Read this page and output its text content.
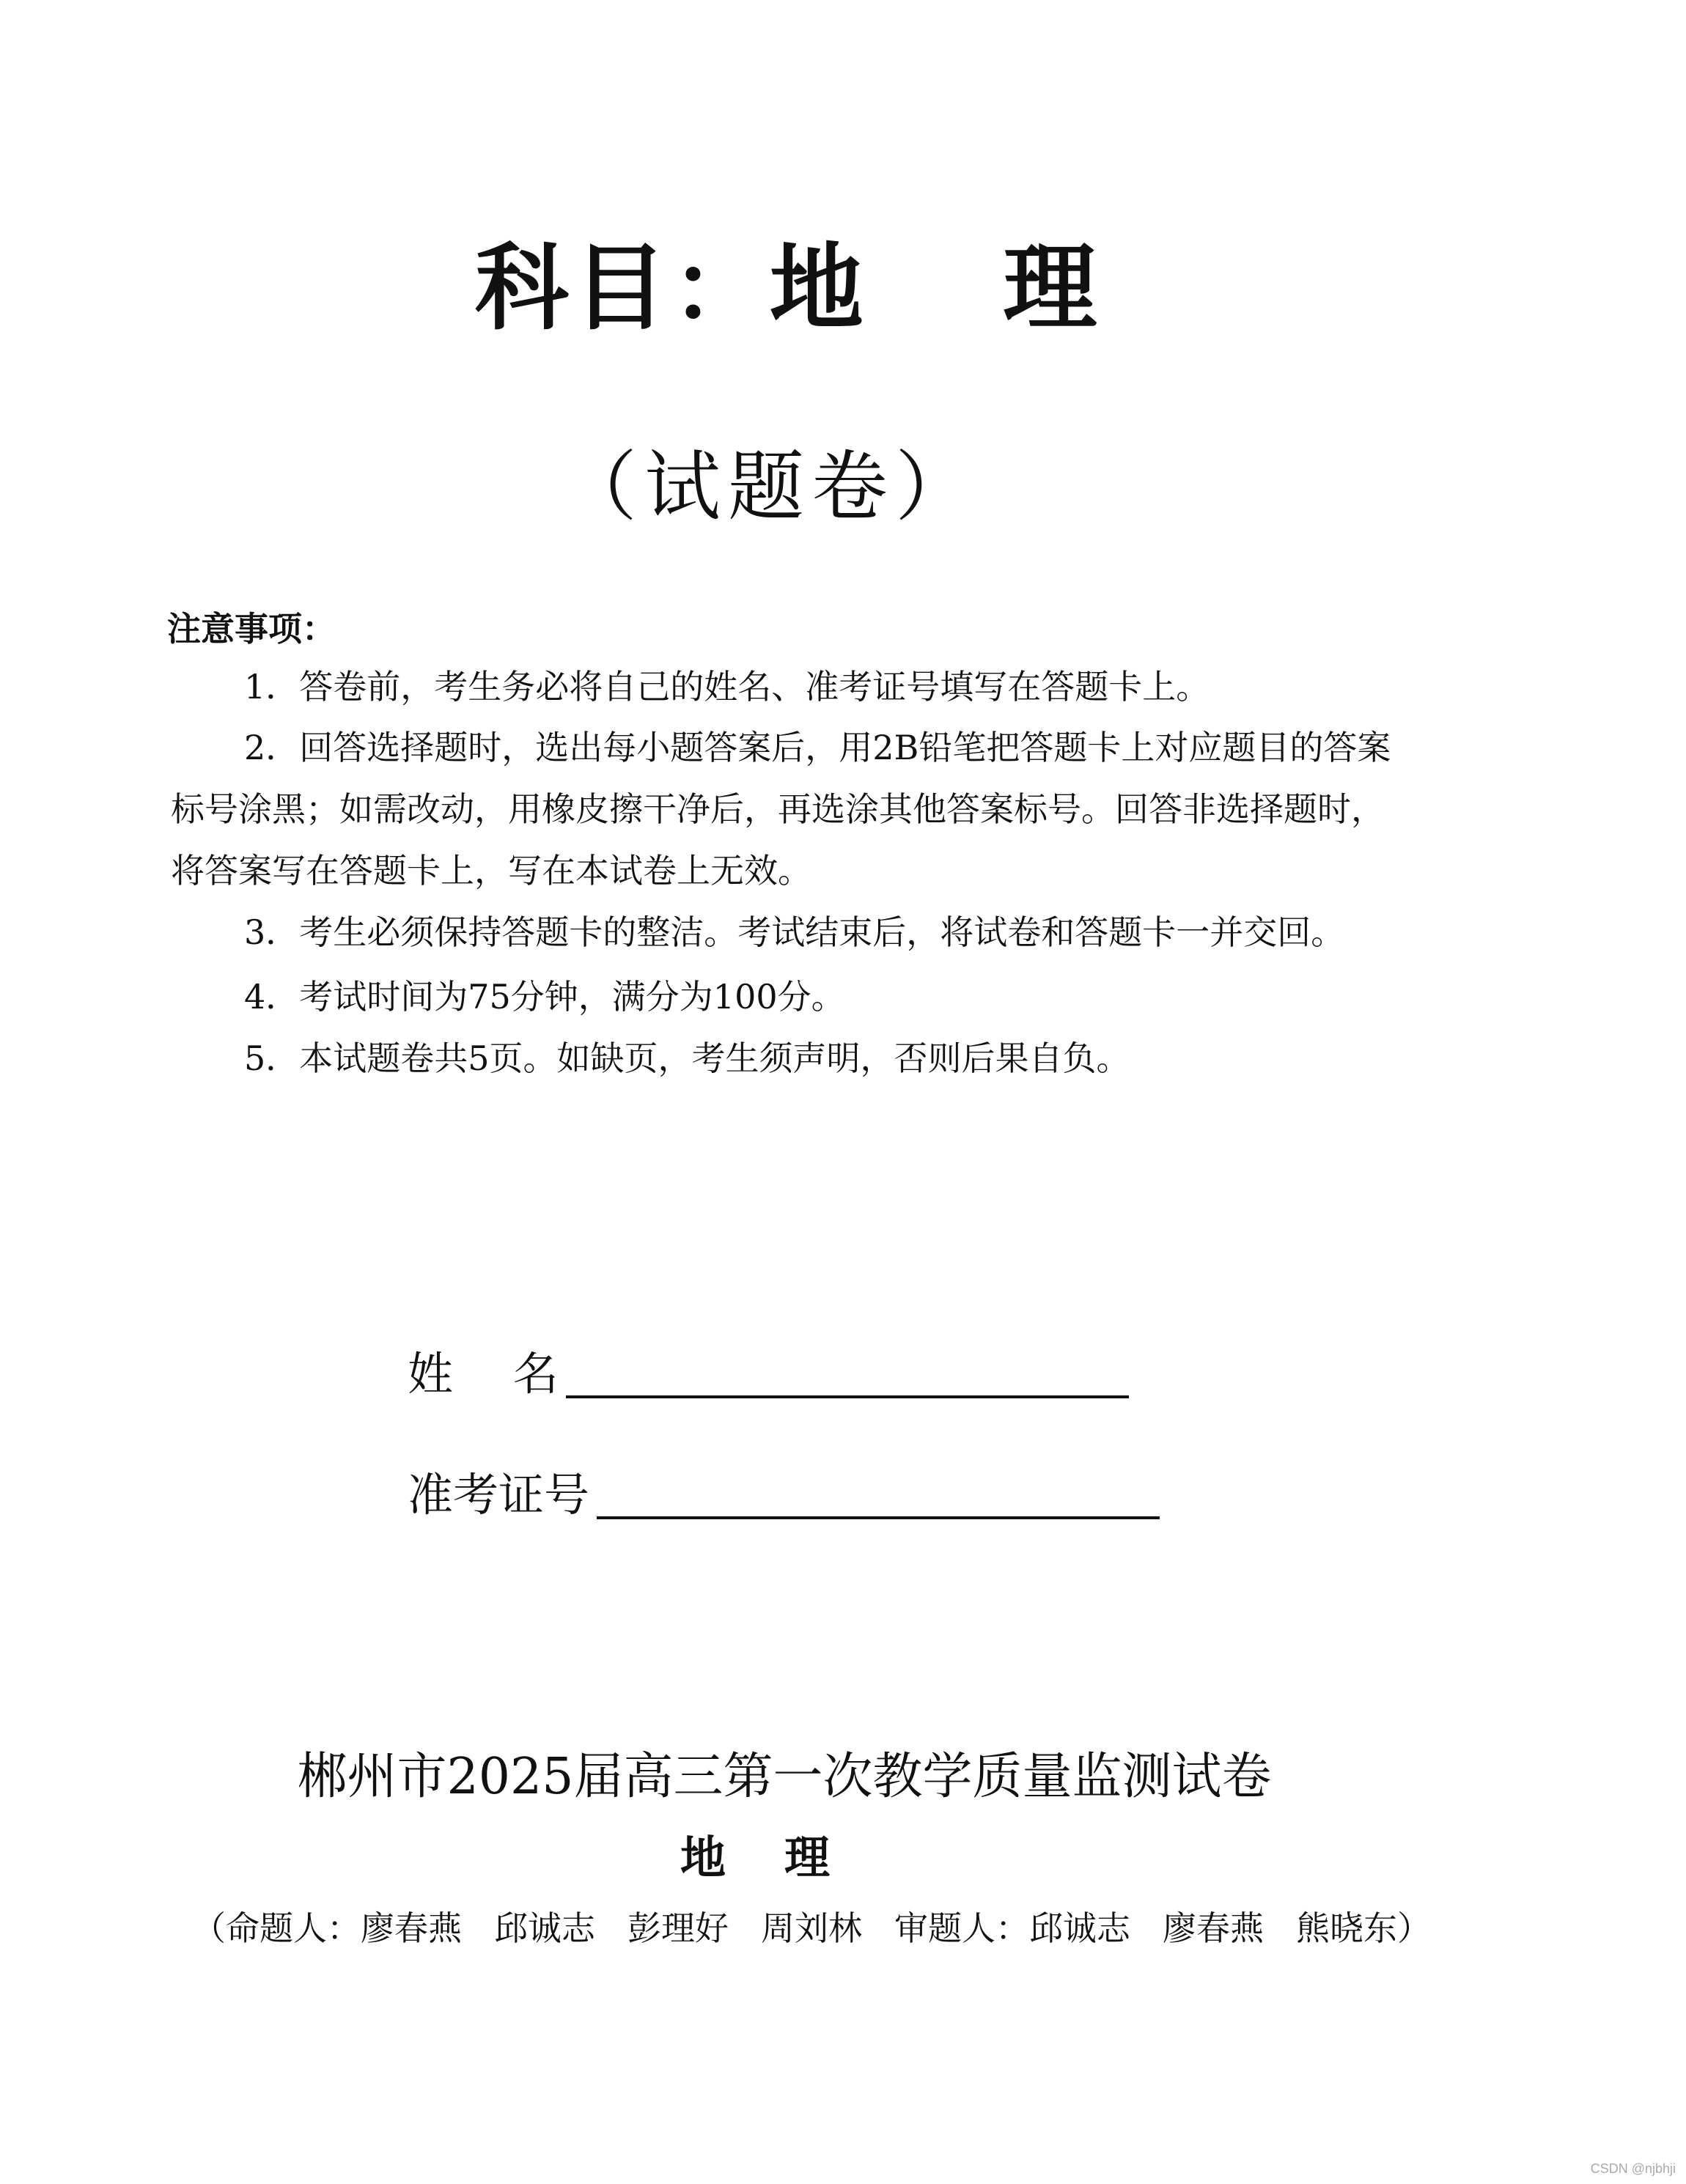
科目：地　 理
（试题卷）
注意事项：
1．答卷前，考生务必将自己的姓名、准考证号填写在答题卡上。
2．回答选择题时，选出每小题答案后，用2B铅笔把答题卡上对应题目的答案标号涂黑；如需改动，用橡皮擦干净后，再选涂其他答案标号。回答非选择题时，将答案写在答题卡上，写在本试卷上无效。
3．考生必须保持答题卡的整洁。考试结束后，将试卷和答题卡一并交回。
4．考试时间为75分钟，满分为100分。
5．本试题卷共5页。如缺页，考生须声明，否则后果自负。
姓　 名
准考证号
郴州市2025届高三第一次教学质量监测试卷
地理
（命题人：廖春燕 邱诚志 彭理好 周刘林 审题人：邱诚志 廖春燕 熊晓东）
CSDN @njbhji
